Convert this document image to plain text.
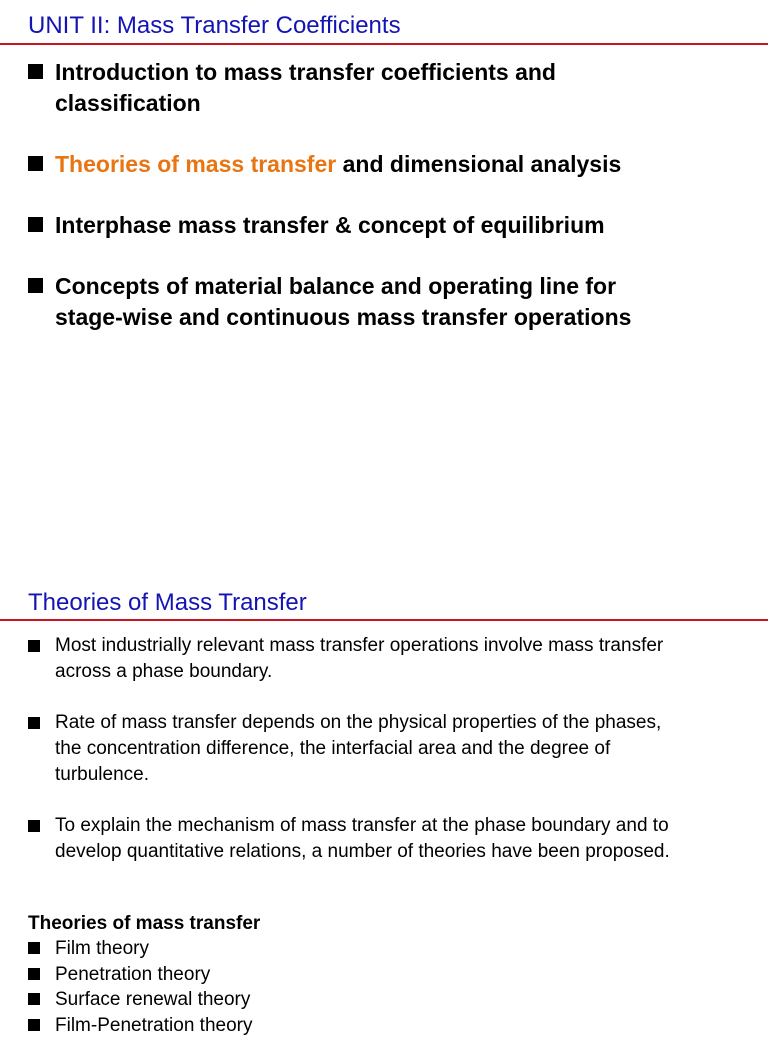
UNIT II: Mass Transfer Coefficients
Introduction to mass transfer coefficients and
classification
Theories of mass transfer and dimensional analysis
Interphase mass transfer & concept of equilibrium
Concepts of material balance and operating line for
stage-wise and continuous mass transfer operations
Theories of Mass Transfer
Most industrially relevant mass transfer operations involve mass transfer
across a phase boundary.
Rate of mass transfer depends on the physical properties of the phases,
the concentration difference, the interfacial area and the degree of
turbulence.
To explain the mechanism of mass transfer at the phase boundary and to
develop quantitative relations, a number of theories have been proposed.

Theories of mass transfer

Film theory
Penetration theory
Surface renewal theory
Film-Penetration theory
